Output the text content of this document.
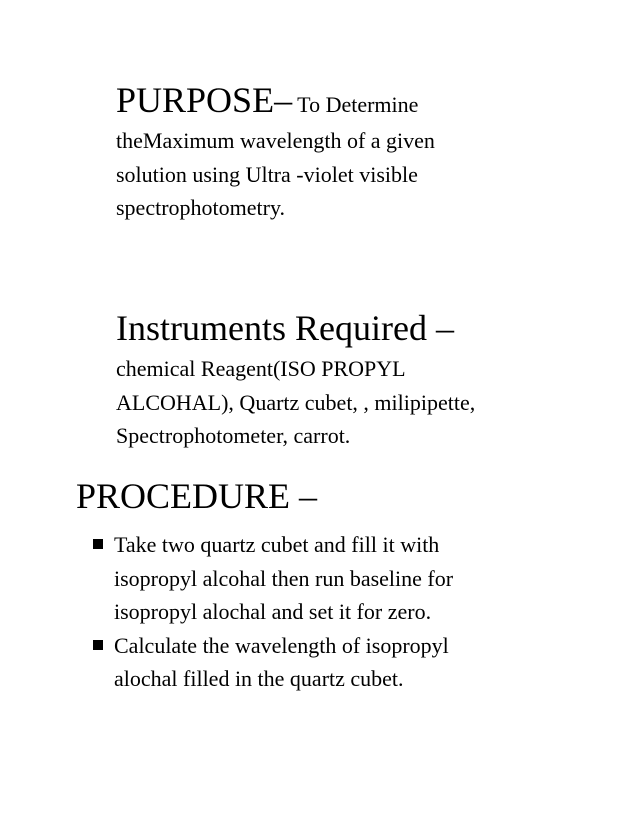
PURPOSE– To Determine
theMaximum wavelength of a given
solution using Ultra -violet visible
spectrophotometry.
Instruments Required –
chemical Reagent(ISO PROPYL
ALCOHAL), Quartz cubet, , milipipette,
Spectrophotometer, carrot.
PROCEDURE –
Take two quartz cubet and fill it with
isopropyl alcohal then run baseline for
isopropyl alochal and set it for zero.
Calculate the wavelength of isopropyl
alochal filled in the quartz cubet.
